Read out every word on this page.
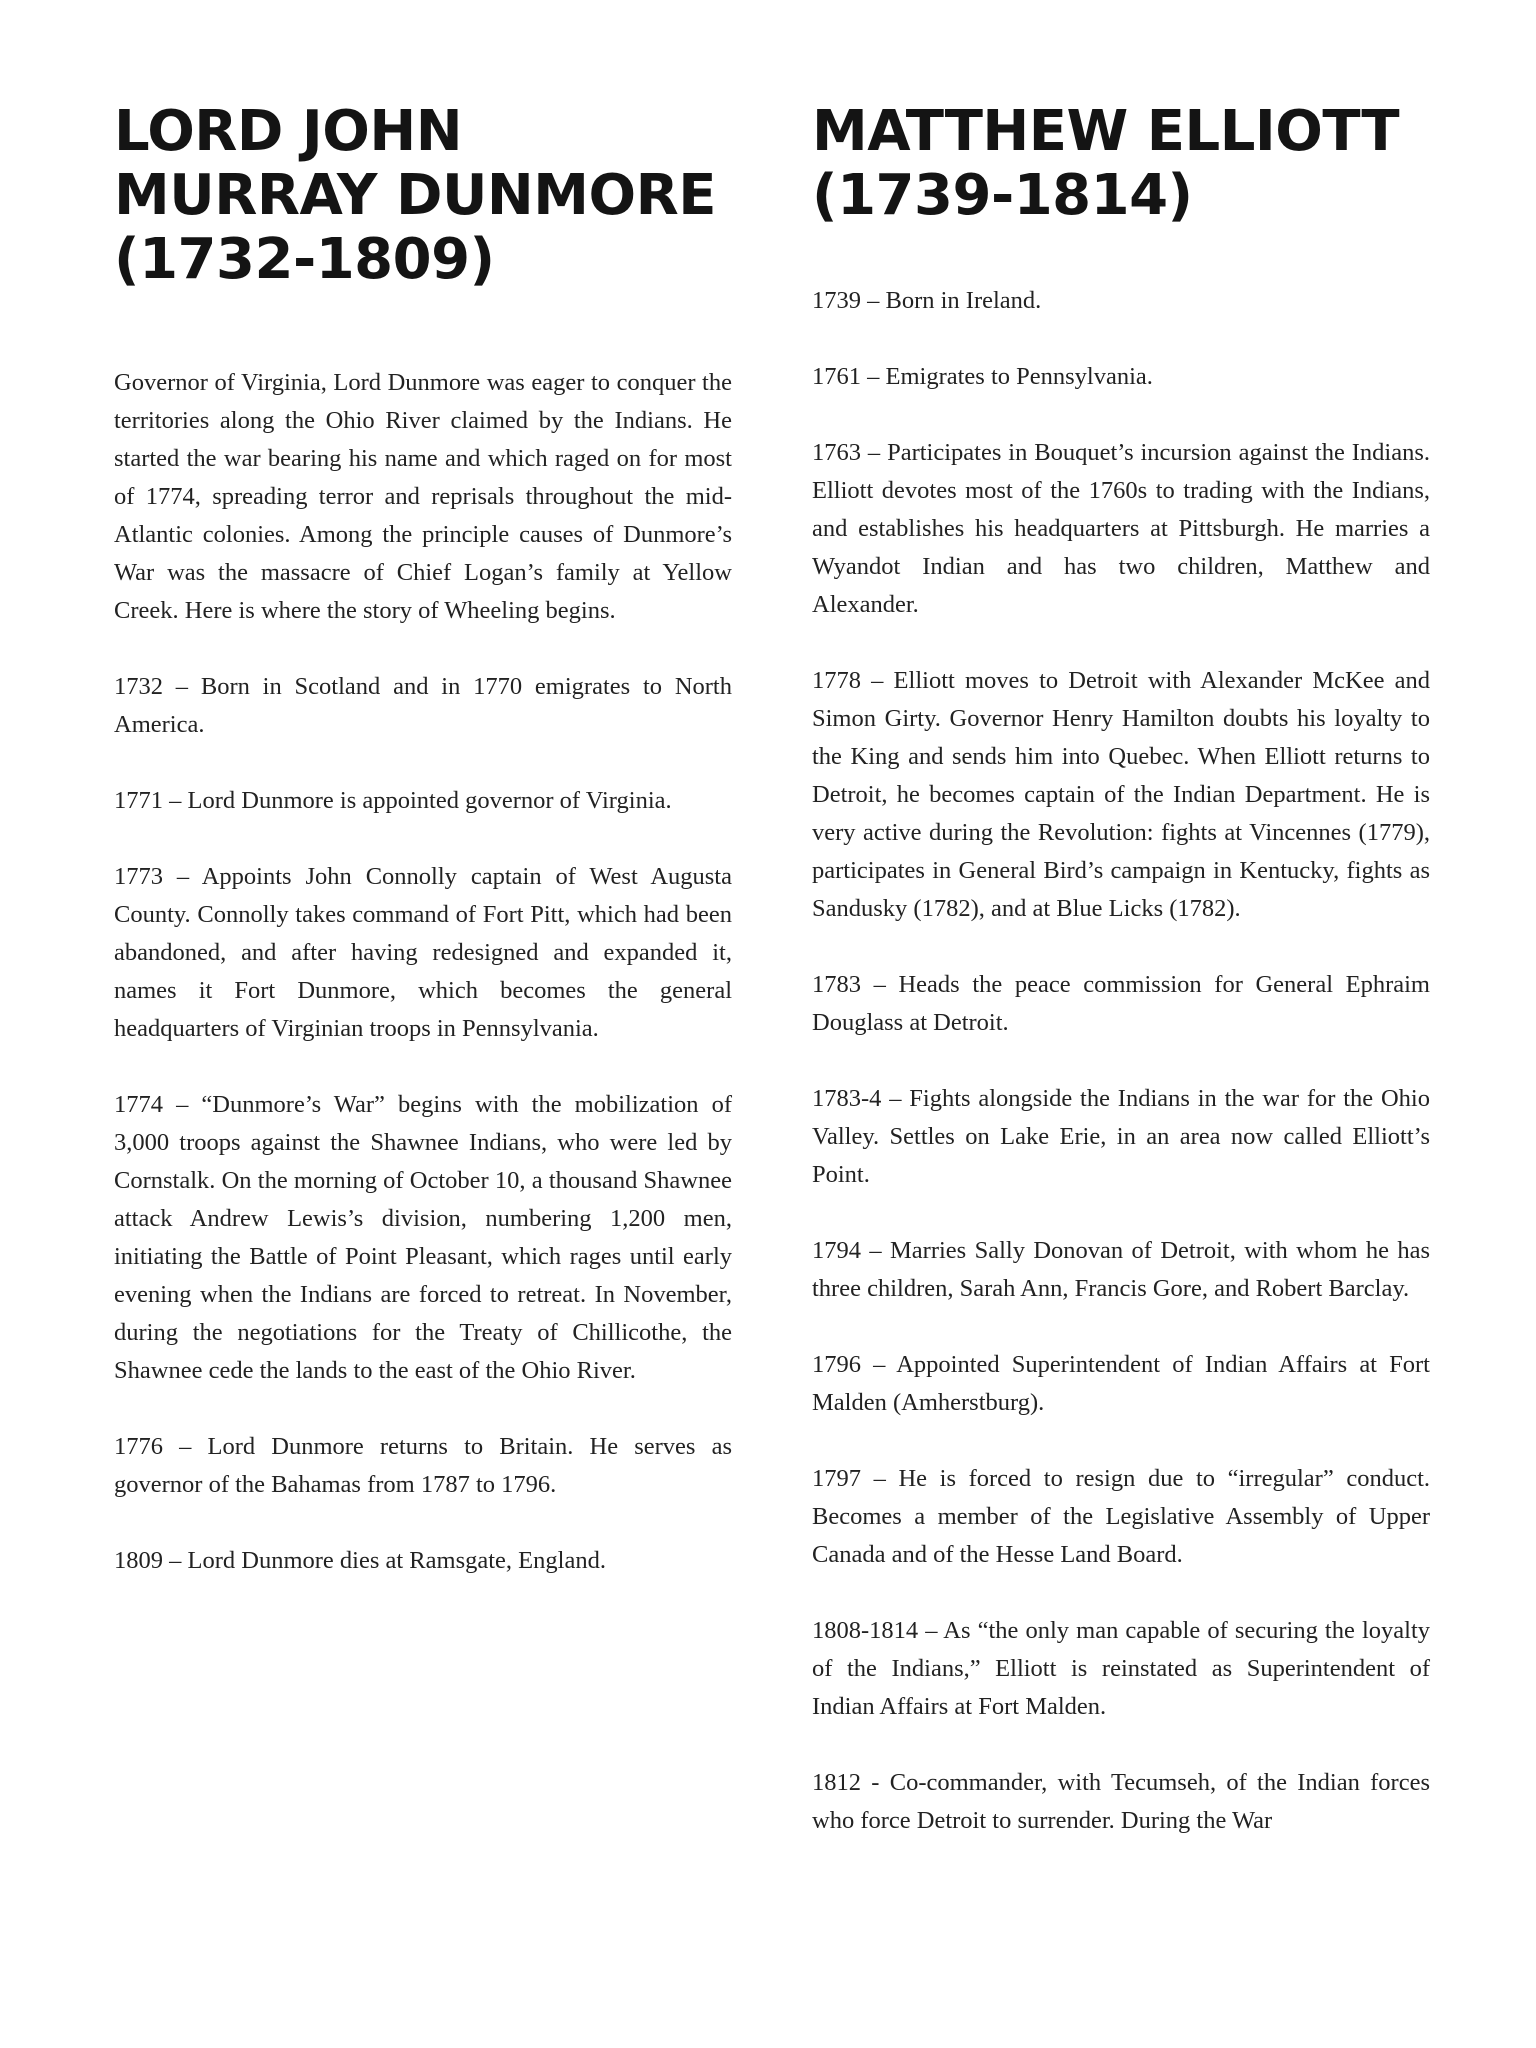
LORD JOHN
MURRAY DUNMORE
(1732-1809)

Governor of Virginia, Lord Dunmore was eager to conquer the territories along the Ohio River claimed by the Indians. He started the war bearing his name and which raged on for most of 1774, spreading terror and reprisals throughout the mid-Atlantic colonies. Among the principle causes of Dunmore’s War was the massacre of Chief Logan’s family at Yellow Creek. Here is where the story of Wheeling begins.

1732 – Born in Scotland and in 1770 emigrates to North America.

1771 – Lord Dunmore is appointed governor of Virginia.

1773 – Appoints John Connolly captain of West Augusta County. Connolly takes command of Fort Pitt, which had been abandoned, and after having redesigned and expanded it, names it Fort Dunmore, which becomes the general headquarters of Virginian troops in Pennsylvania.

1774 – “Dunmore’s War” begins with the mobilization of 3,000 troops against the Shawnee Indians, who were led by Cornstalk. On the morning of October 10, a thousand Shawnee attack Andrew Lewis’s division, numbering 1,200 men, initiating the Battle of Point Pleasant, which rages until early evening when the Indians are forced to retreat. In November, during the negotiations for the Treaty of Chillicothe, the Shawnee cede the lands to the east of the Ohio River.

1776 – Lord Dunmore returns to Britain. He serves as governor of the Bahamas from 1787 to 1796.

1809 – Lord Dunmore dies at Ramsgate, England.

MATTHEW ELLIOTT
(1739-1814)

1739 – Born in Ireland.

1761 – Emigrates to Pennsylvania.

1763 – Participates in Bouquet’s incursion against the Indians. Elliott devotes most of the 1760s to trading with the Indians, and establishes his headquarters at Pittsburgh. He marries a Wyandot Indian and has two children, Matthew and Alexander.

1778 – Elliott moves to Detroit with Alexander McKee and Simon Girty. Governor Henry Hamilton doubts his loyalty to the King and sends him into Quebec. When Elliott returns to Detroit, he becomes captain of the Indian Department. He is very active during the Revolution: fights at Vincennes (1779), participates in General Bird’s campaign in Kentucky, fights as Sandusky (1782), and at Blue Licks (1782).

1783 – Heads the peace commission for General Ephraim Douglass at Detroit.

1783-4 – Fights alongside the Indians in the war for the Ohio Valley. Settles on Lake Erie, in an area now called Elliott’s Point.

1794 – Marries Sally Donovan of Detroit, with whom he has three children, Sarah Ann, Francis Gore, and Robert Barclay.

1796 – Appointed Superintendent of Indian Affairs at Fort Malden (Amherstburg).

1797 – He is forced to resign due to “irregular” conduct. Becomes a member of the Legislative Assembly of Upper Canada and of the Hesse Land Board.

1808-1814 – As “the only man capable of securing the loyalty of the Indians,” Elliott is reinstated as Superintendent of Indian Affairs at Fort Malden.

1812 - Co-commander, with Tecumseh, of the Indian forces who force Detroit to surrender. During the War
